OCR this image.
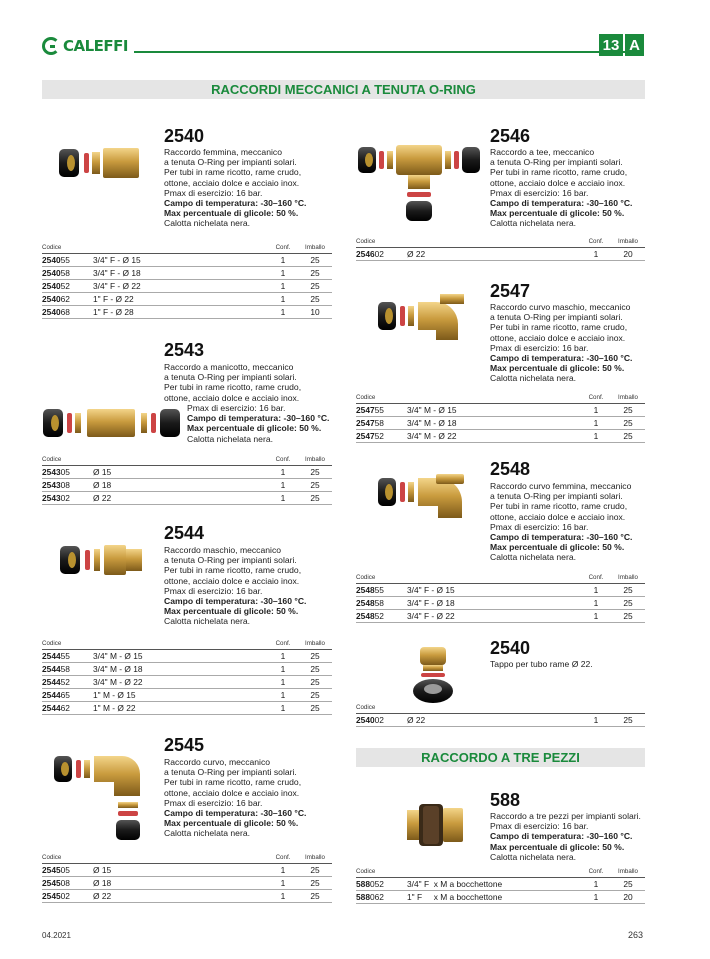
CALEFFI	13 A
RACCORDI MECCANICI A TENUTA O-RING
2540
Raccordo femmina, meccanico
a tenuta O-Ring per impianti solari.
Per tubi in rame ricotto, rame crudo,
ottone, acciaio dolce e acciaio inox.
Pmax di esercizio: 16 bar.
Campo di temperatura: -30–160 °C.
Max percentuale di glicole: 50 %.
Calotta nichelata nera.
Codice		Conf.	Imballo
254055	3/4" F - Ø 15	1	25
254058	3/4" F - Ø 18	1	25
254052	3/4" F - Ø 22	1	25
254062	1" F - Ø 22	1	25
254068	1" F - Ø 28	1	10
2543
Raccordo a manicotto, meccanico
a tenuta O-Ring per impianti solari.
Per tubi in rame ricotto, rame crudo,
ottone, acciaio dolce e acciaio inox.
Pmax di esercizio: 16 bar.
Campo di temperatura: -30–160 °C.
Max percentuale di glicole: 50 %.
Calotta nichelata nera.
Codice		Conf.	Imballo
254305	Ø 15	1	25
254308	Ø 18	1	25
254302	Ø 22	1	25
2544
Raccordo maschio, meccanico
a tenuta O-Ring per impianti solari.
Per tubi in rame ricotto, rame crudo,
ottone, acciaio dolce e acciaio inox.
Pmax di esercizio: 16 bar.
Campo di temperatura: -30–160 °C.
Max percentuale di glicole: 50 %.
Calotta nichelata nera.
Codice		Conf.	Imballo
254455	3/4" M - Ø 15	1	25
254458	3/4" M - Ø 18	1	25
254452	3/4" M - Ø 22	1	25
254465	1" M - Ø 15	1	25
254462	1" M - Ø 22	1	25
2545
Raccordo curvo, meccanico
a tenuta O-Ring per impianti solari.
Per tubi in rame ricotto, rame crudo,
ottone, acciaio dolce e acciaio inox.
Pmax di esercizio: 16 bar.
Campo di temperatura: -30–160 °C.
Max percentuale di glicole: 50 %.
Calotta nichelata nera.
Codice		Conf.	Imballo
254505	Ø 15	1	25
254508	Ø 18	1	25
254502	Ø 22	1	25
2546
Raccordo a tee, meccanico
a tenuta O-Ring per impianti solari.
Per tubi in rame ricotto, rame crudo,
ottone, acciaio dolce e acciaio inox.
Pmax di esercizio: 16 bar.
Campo di temperatura: -30–160 °C.
Max percentuale di glicole: 50 %.
Calotta nichelata nera.
Codice		Conf.	Imballo
254602	Ø 22	1	20
2547
Raccordo curvo maschio, meccanico
a tenuta O-Ring per impianti solari.
Per tubi in rame ricotto, rame crudo,
ottone, acciaio dolce e acciaio inox.
Pmax di esercizio: 16 bar.
Campo di temperatura: -30–160 °C.
Max percentuale di glicole: 50 %.
Calotta nichelata nera.
Codice		Conf.	Imballo
254755	3/4" M - Ø 15	1	25
254758	3/4" M - Ø 18	1	25
254752	3/4" M - Ø 22	1	25
2548
Raccordo curvo femmina, meccanico
a tenuta O-Ring per impianti solari.
Per tubi in rame ricotto, rame crudo,
ottone, acciaio dolce e acciaio inox.
Pmax di esercizio: 16 bar.
Campo di temperatura: -30–160 °C.
Max percentuale di glicole: 50 %.
Calotta nichelata nera.
Codice		Conf.	Imballo
254855	3/4" F - Ø 15	1	25
254858	3/4" F - Ø 18	1	25
254852	3/4" F - Ø 22	1	25
2540
Tappo per tubo rame Ø 22.
Codice			
254002	Ø 22	1	25
RACCORDO A TRE PEZZI
588
Raccordo a tre pezzi per impianti solari.
Pmax di esercizio: 16 bar.
Campo di temperatura: -30–160 °C.
Max percentuale di glicole: 50 %.
Calotta nichelata nera.
Codice		Conf.	Imballo
588052	3/4" F  x M a bocchettone	1	25
588062	1" F     x M a bocchettone	1	20
04.2021	263
